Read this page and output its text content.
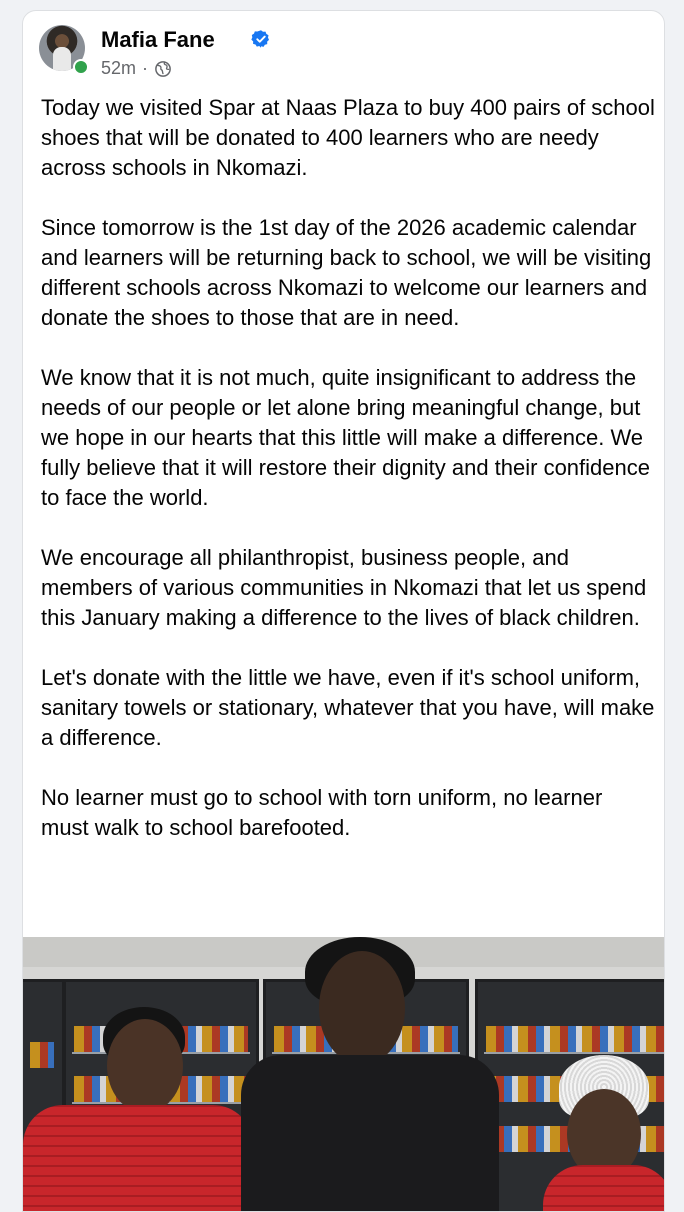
Mafia Fane
52m ·

Today we visited Spar at Naas Plaza to buy 400 pairs of school shoes that will be donated to 400 learners who are needy across schools in Nkomazi.

Since tomorrow is the 1st day of the 2026 academic calendar and learners will be returning back to school, we will be visiting different schools across Nkomazi to welcome our learners and donate the shoes to those that are in need.

We know that it is not much, quite insignificant to address the needs of our people or let alone bring meaningful change, but we hope in our hearts that this little will make a difference. We fully believe that it will restore their dignity and their confidence to face the world.

We encourage all philanthropist, business people, and members of various communities in Nkomazi that let us spend this January making a difference to the lives of black children.

Let's donate with the little we have, even if it's school uniform, sanitary towels or stationary, whatever that you have, will make a difference.

No learner must go to school with torn uniform, no learner must walk to school barefooted.
